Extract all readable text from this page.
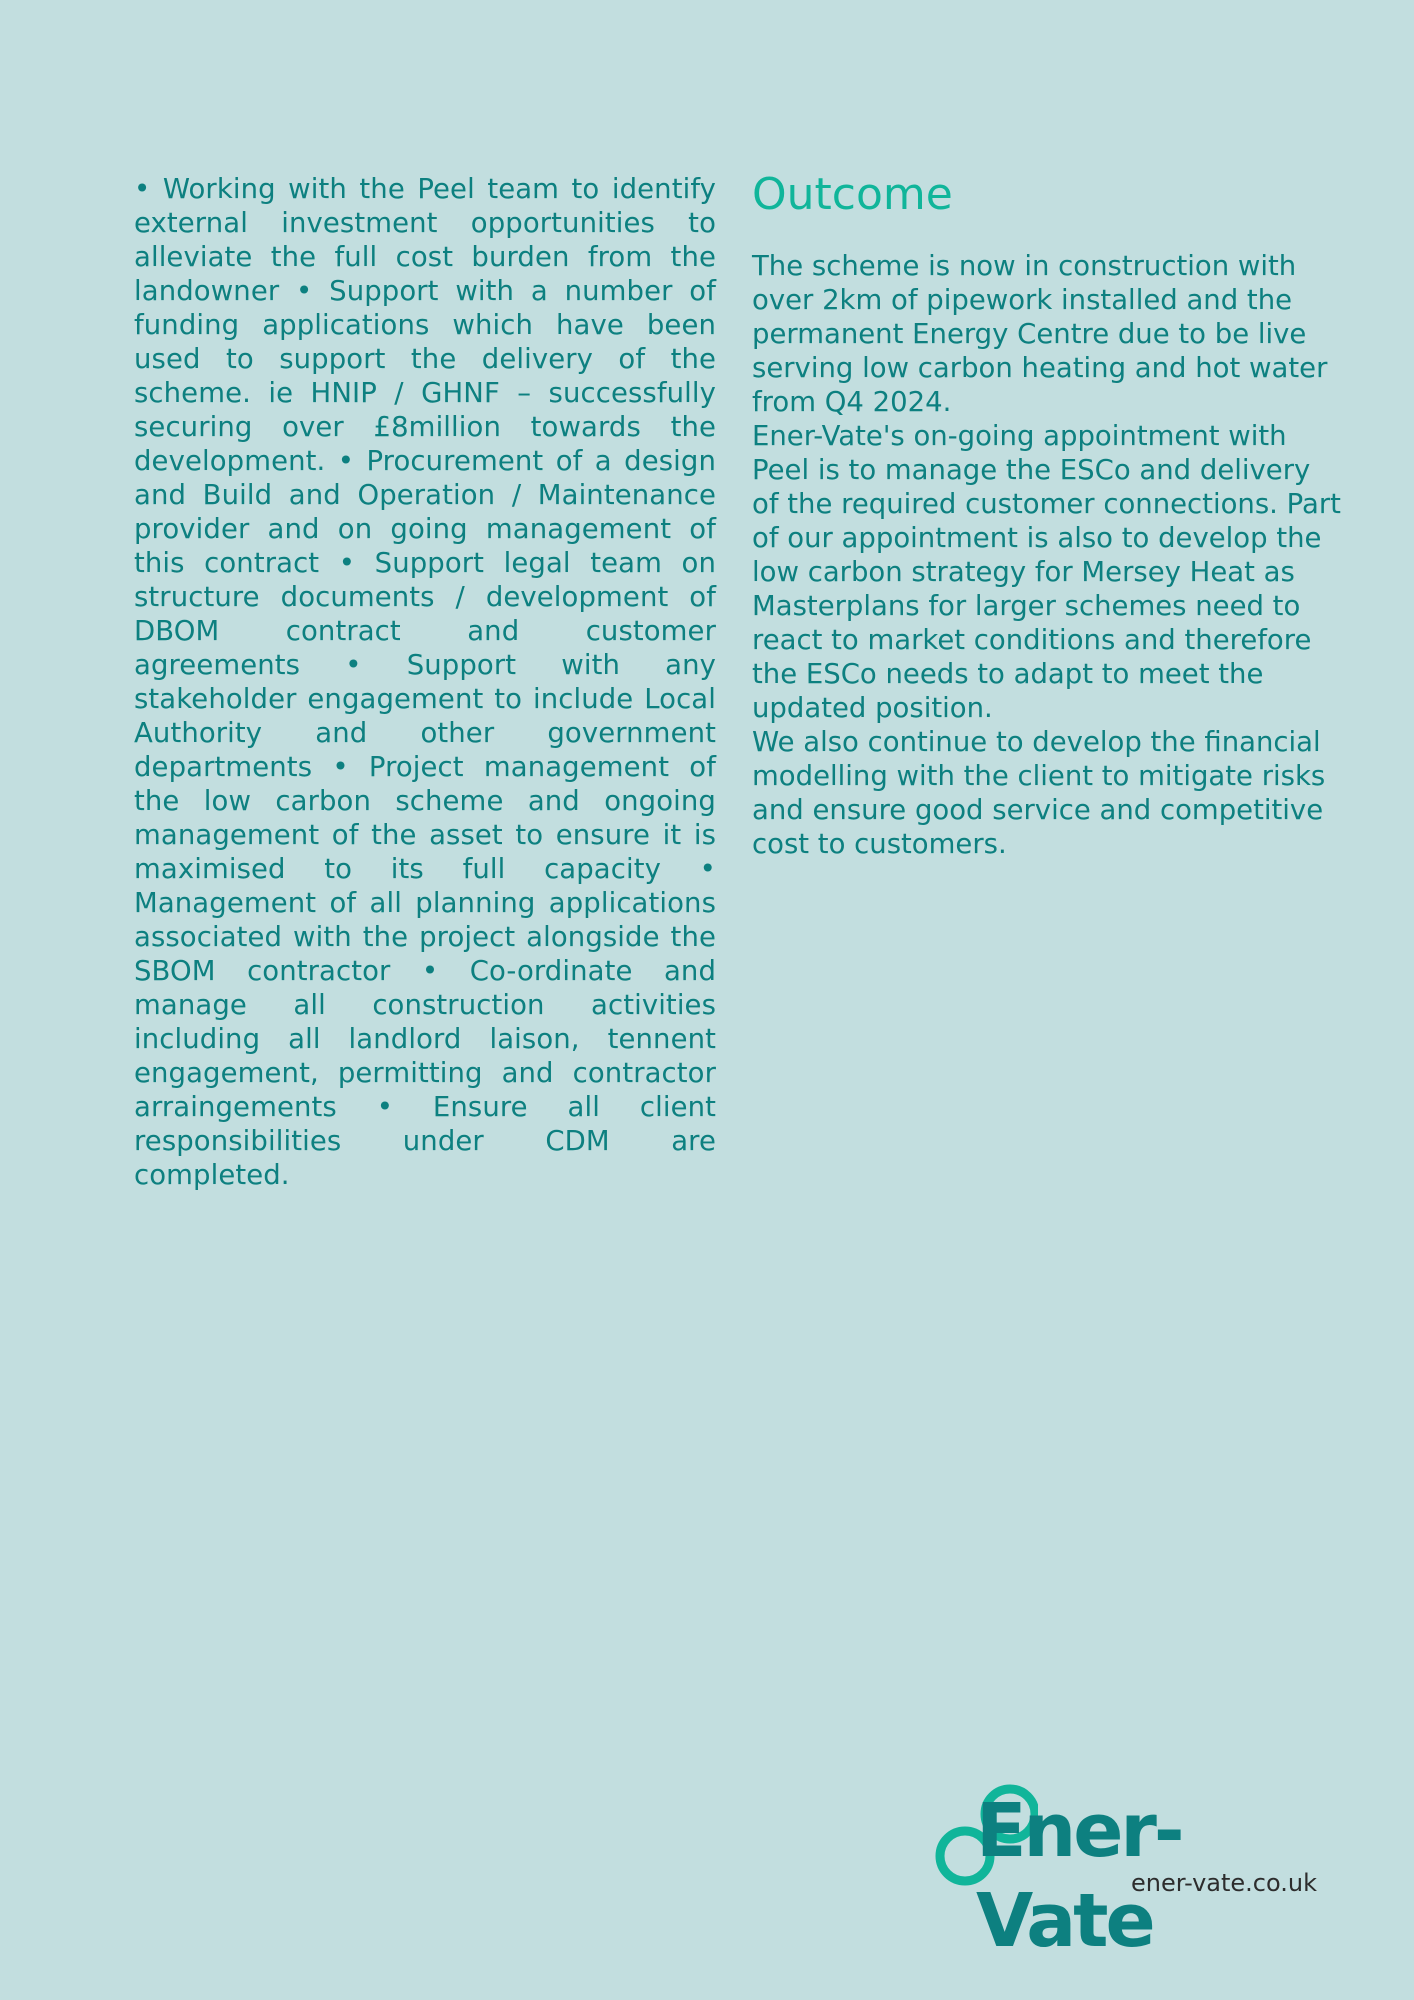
• Working with the Peel team to identify external investment opportunities to alleviate the full cost burden from the landowner • Support with a number of funding applications which have been used to support the delivery of the scheme. ie HNIP / GHNF – successfully securing over £8million towards the development. • Procurement of a design and Build and Operation / Maintenance provider and on going management of this contract • Support legal team on structure documents / development of DBOM contract and customer agreements • Support with any stakeholder engagement to include Local Authority and other government departments • Project management of the low carbon scheme and ongoing management of the asset to ensure it is maximised to its full capacity • Management of all planning applications associated with the project alongside the SBOM contractor • Co-ordinate and manage all construction activities including all landlord laison, tennent engagement, permitting and contractor arraingements • Ensure all client responsibilities under CDM are completed.

Outcome

The scheme is now in construction with over 2km of pipework installed and the permanent Energy Centre due to be live serving low carbon heating and hot water from Q4 2024.

Ener-Vate's on-going appointment with Peel is to manage the ESCo and delivery of the required customer connections. Part of our appointment is also to develop the low carbon strategy for Mersey Heat as Masterplans for larger schemes need to react to market conditions and therefore the ESCo needs to adapt to meet the updated position.

We also continue to develop the financial modelling with the client to mitigate risks and ensure good service and competitive cost to customers.

Ener-Vate
ener-vate.co.uk
